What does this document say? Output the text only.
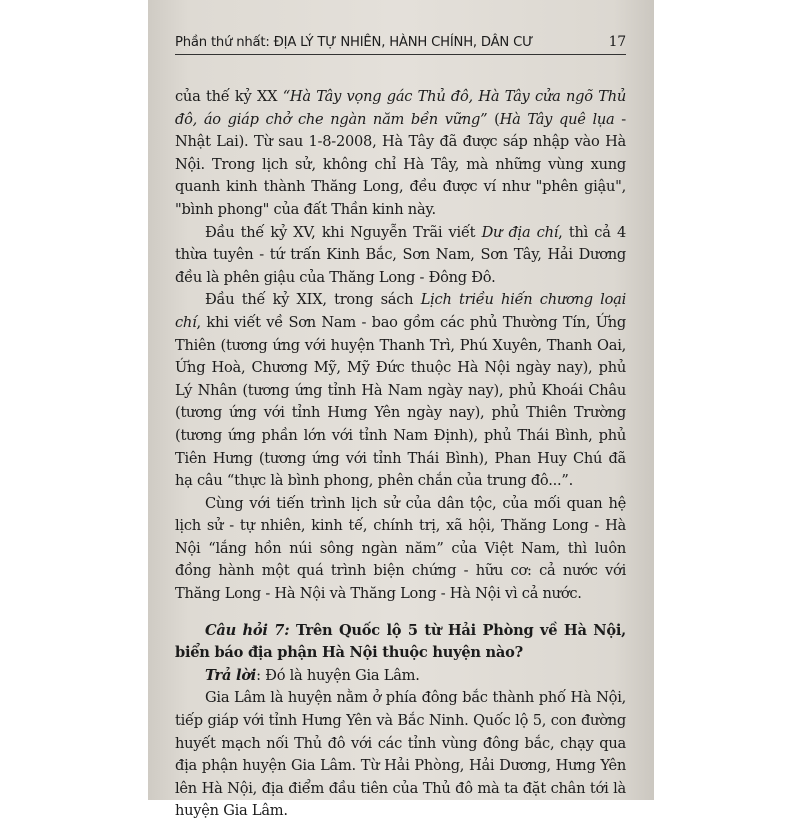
Phần thứ nhất: ĐỊA LÝ TỰ NHIÊN, HÀNH CHÍNH, DÂN CƯ	17

của thế kỷ XX “Hà Tây vọng gác Thủ đô, Hà Tây cửa ngõ Thủ đô, áo giáp chở che ngàn năm bền vững” (Hà Tây quê lụa - Nhật Lai). Từ sau 1-8-2008, Hà Tây đã được sáp nhập vào Hà Nội. Trong lịch sử, không chỉ Hà Tây, mà những vùng xung quanh kinh thành Thăng Long, đều được ví như "phên giậu", "bình phong" của đất Thần kinh này.

Đầu thế kỷ XV, khi Nguyễn Trãi viết Dư địa chí, thì cả 4 thừa tuyên - tứ trấn Kinh Bắc, Sơn Nam, Sơn Tây, Hải Dương đều là phên giậu của Thăng Long - Đông Đô.

Đầu thế kỷ XIX, trong sách Lịch triều hiến chương loại chí, khi viết về Sơn Nam - bao gồm các phủ Thường Tín, Ứng Thiên (tương ứng với huyện Thanh Trì, Phú Xuyên, Thanh Oai, Ứng Hoà, Chương Mỹ, Mỹ Đức thuộc Hà Nội ngày nay), phủ Lý Nhân (tương ứng tỉnh Hà Nam ngày nay), phủ Khoái Châu (tương ứng với tỉnh Hưng Yên ngày nay), phủ Thiên Trường (tương ứng phần lớn với tỉnh Nam Định), phủ Thái Bình, phủ Tiên Hưng (tương ứng với tỉnh Thái Bình), Phan Huy Chú đã hạ câu “thực là bình phong, phên chắn của trung đô...”.

Cùng với tiến trình lịch sử của dân tộc, của mối quan hệ lịch sử - tự nhiên, kinh tế, chính trị, xã hội, Thăng Long - Hà Nội “lắng hồn núi sông ngàn năm” của Việt Nam, thì luôn đồng hành một quá trình biện chứng - hữu cơ: cả nước với Thăng Long - Hà Nội và Thăng Long - Hà Nội vì cả nước.

Câu hỏi 7: Trên Quốc lộ 5 từ Hải Phòng về Hà Nội, biển báo địa phận Hà Nội thuộc huyện nào?

Trả lời: Đó là huyện Gia Lâm.

Gia Lâm là huyện nằm ở phía đông bắc thành phố Hà Nội, tiếp giáp với tỉnh Hưng Yên và Bắc Ninh. Quốc lộ 5, con đường huyết mạch nối Thủ đô với các tỉnh vùng đông bắc, chạy qua địa phận huyện Gia Lâm. Từ Hải Phòng, Hải Dương, Hưng Yên lên Hà Nội, địa điểm đầu tiên của Thủ đô mà ta đặt chân tới là huyện Gia Lâm.
